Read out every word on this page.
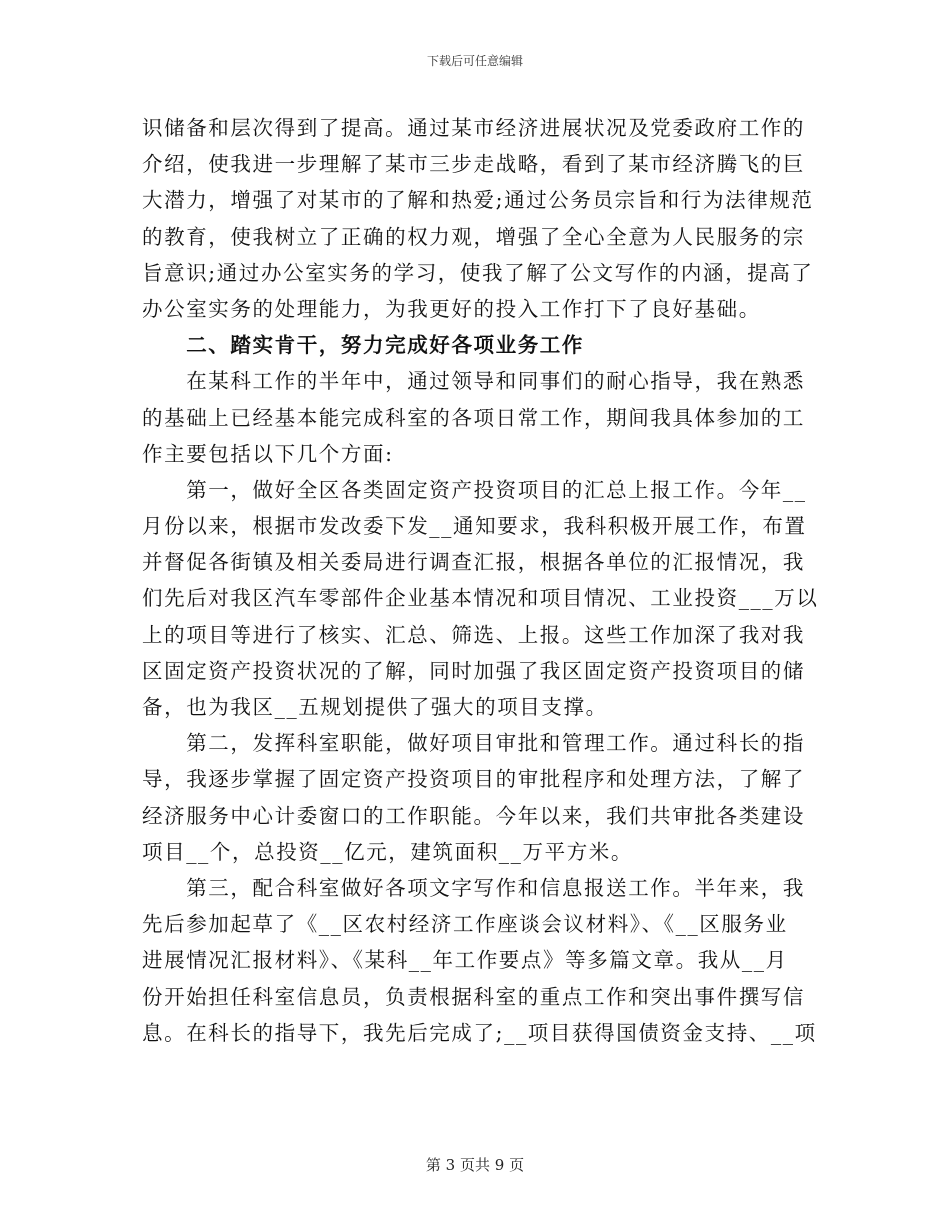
下载后可任意编辑
识储备和层次得到了提高。通过某市经济进展状况及党委政府工作的
介绍，使我进一步理解了某市三步走战略，看到了某市经济腾飞的巨
大潜力，增强了对某市的了解和热爱;通过公务员宗旨和行为法律规范
的教育，使我树立了正确的权力观，增强了全心全意为人民服务的宗
旨意识;通过办公室实务的学习，使我了解了公文写作的内涵，提高了
办公室实务的处理能力，为我更好的投入工作打下了良好基础。
　　二、踏实肯干，努力完成好各项业务工作
　　在某科工作的半年中，通过领导和同事们的耐心指导，我在熟悉
的基础上已经基本能完成科室的各项日常工作，期间我具体参加的工
作主要包括以下几个方面:
　　第一，做好全区各类固定资产投资项目的汇总上报工作。今年__
月份以来，根据市发改委下发__通知要求，我科积极开展工作，布置
并督促各街镇及相关委局进行调查汇报，根据各单位的汇报情况，我
们先后对我区汽车零部件企业基本情况和项目情况、工业投资___万以
上的项目等进行了核实、汇总、筛选、上报。这些工作加深了我对我
区固定资产投资状况的了解，同时加强了我区固定资产投资项目的储
备，也为我区__五规划提供了强大的项目支撑。
　　第二，发挥科室职能，做好项目审批和管理工作。通过科长的指
导，我逐步掌握了固定资产投资项目的审批程序和处理方法，了解了
经济服务中心计委窗口的工作职能。今年以来，我们共审批各类建设
项目__个，总投资__亿元，建筑面积__万平方米。
　　第三，配合科室做好各项文字写作和信息报送工作。半年来，我
先后参加起草了《__区农村经济工作座谈会议材料》、《__区服务业
进展情况汇报材料》、《某科__年工作要点》等多篇文章。我从__月
份开始担任科室信息员，负责根据科室的重点工作和突出事件撰写信
息。在科长的指导下，我先后完成了;__项目获得国债资金支持、__项
第 3 页共 9 页
